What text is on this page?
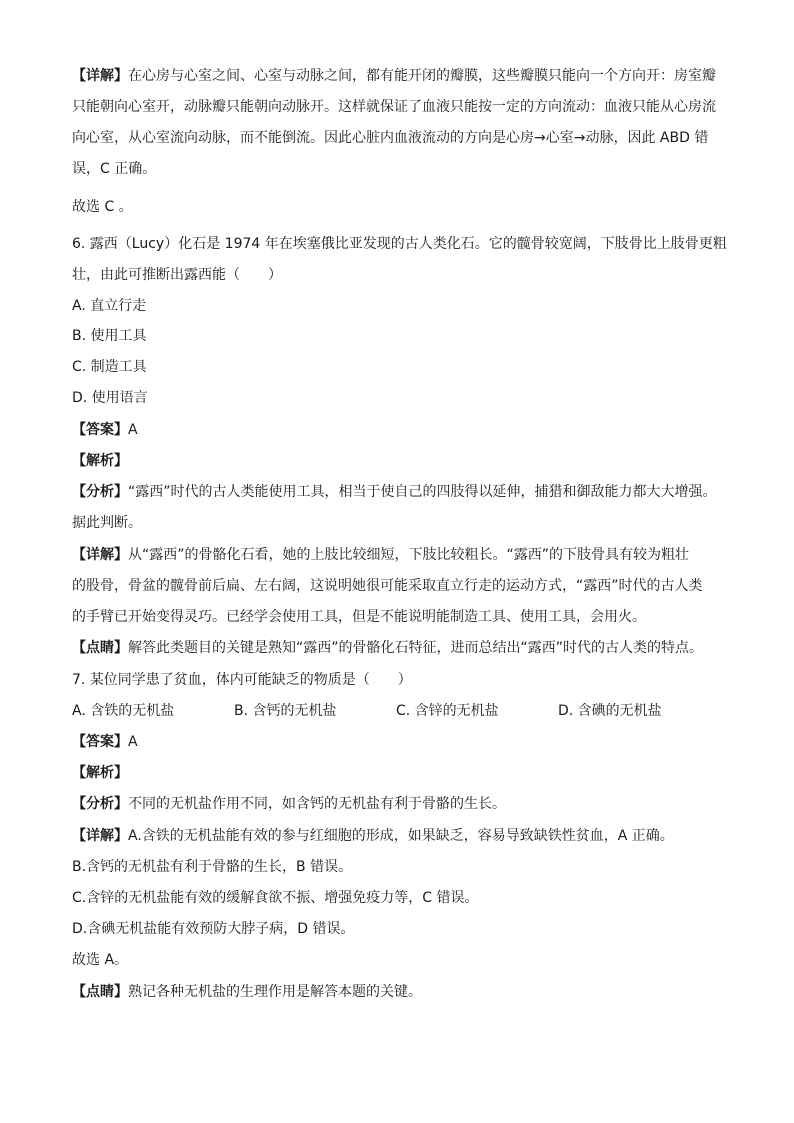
【详解】在心房与心室之间、心室与动脉之间，都有能开闭的瓣膜，这些瓣膜只能向一个方向开：房室瓣
只能朝向心室开，动脉瓣只能朝向动脉开。这样就保证了血液只能按一定的方向流动：血液只能从心房流
向心室，从心室流向动脉，而不能倒流。因此心脏内血液流动的方向是心房→心室→动脉，因此 ABD 错
误，C 正确。
故选 C 。
6. 露西（Lucy）化石是 1974 年在埃塞俄比亚发现的古人类化石。它的髋骨较宽阔，下肢骨比上肢骨更粗
壮，由此可推断出露西能（　　）
A. 直立行走
B. 使用工具
C. 制造工具
D. 使用语言
【答案】A
【解析】
【分析】“露西”时代的古人类能使用工具，相当于使自己的四肢得以延伸，捕猎和御敌能力都大大增强。
据此判断。
【详解】从“露西”的骨骼化石看，她的上肢比较细短，下肢比较粗长。“露西”的下肢骨具有较为粗壮
的股骨，骨盆的髋骨前后扁、左右阔，这说明她很可能采取直立行走的运动方式，“露西”时代的古人类
的手臂已开始变得灵巧。已经学会使用工具，但是不能说明能制造工具、使用工具，会用火。
【点睛】解答此类题目的关键是熟知“露西”的骨骼化石特征，进而总结出“露西”时代的古人类的特点。
7. 某位同学患了贫血，体内可能缺乏的物质是（　　）
A. 含铁的无机盐	B. 含钙的无机盐	C. 含锌的无机盐	D. 含碘的无机盐
【答案】A
【解析】
【分析】不同的无机盐作用不同，如含钙的无机盐有利于骨骼的生长。
【详解】A.含铁的无机盐能有效的参与红细胞的形成，如果缺乏，容易导致缺铁性贫血，A 正确。
B.含钙的无机盐有利于骨骼的生长，B 错误。
C.含锌的无机盐能有效的缓解食欲不振、增强免疫力等，C 错误。
D.含碘无机盐能有效预防大脖子病，D 错误。
故选 A。
【点睛】熟记各种无机盐的生理作用是解答本题的关键。
